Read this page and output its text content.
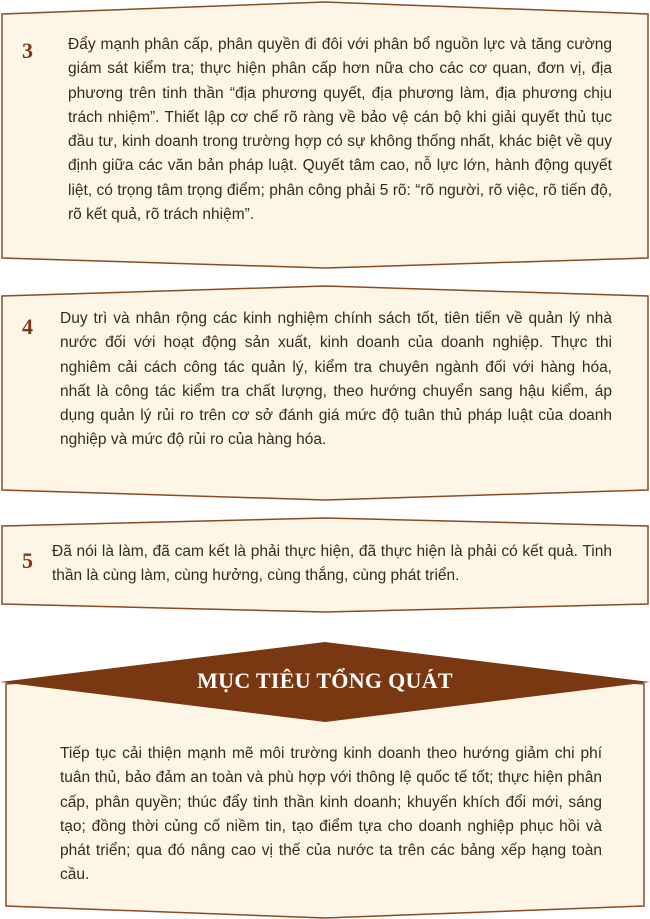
3 Đẩy mạnh phân cấp, phân quyền đi đôi với phân bổ nguồn lực và tăng cường giám sát kiểm tra; thực hiện phân cấp hơn nữa cho các cơ quan, đơn vị, địa phương trên tinh thần “địa phương quyết, địa phương làm, địa phương chịu trách nhiệm”. Thiết lập cơ chế rõ ràng về bảo vệ cán bộ khi giải quyết thủ tục đầu tư, kinh doanh trong trường hợp có sự không thống nhất, khác biệt về quy định giữa các văn bản pháp luật. Quyết tâm cao, nỗ lực lớn, hành động quyết liệt, có trọng tâm trọng điểm; phân công phải 5 rõ: “rõ người, rõ việc, rõ tiến độ, rõ kết quả, rõ trách nhiệm”.

4 Duy trì và nhân rộng các kinh nghiệm chính sách tốt, tiên tiến về quản lý nhà nước đối với hoạt động sản xuất, kinh doanh của doanh nghiệp. Thực thi nghiêm cải cách công tác quản lý, kiểm tra chuyên ngành đối với hàng hóa, nhất là công tác kiểm tra chất lượng, theo hướng chuyển sang hậu kiểm, áp dụng quản lý rủi ro trên cơ sở đánh giá mức độ tuân thủ pháp luật của doanh nghiệp và mức độ rủi ro của hàng hóa.

5 Đã nói là làm, đã cam kết là phải thực hiện, đã thực hiện là phải có kết quả. Tinh thần là cùng làm, cùng hưởng, cùng thắng, cùng phát triển.

MỤC TIÊU TỔNG QUÁT

Tiếp tục cải thiện mạnh mẽ môi trường kinh doanh theo hướng giảm chi phí tuân thủ, bảo đảm an toàn và phù hợp với thông lệ quốc tế tốt; thực hiện phân cấp, phân quyền; thúc đẩy tinh thần kinh doanh; khuyến khích đổi mới, sáng tạo; đồng thời củng cố niềm tin, tạo điểm tựa cho doanh nghiệp phục hồi và phát triển; qua đó nâng cao vị thế của nước ta trên các bảng xếp hạng toàn cầu.
